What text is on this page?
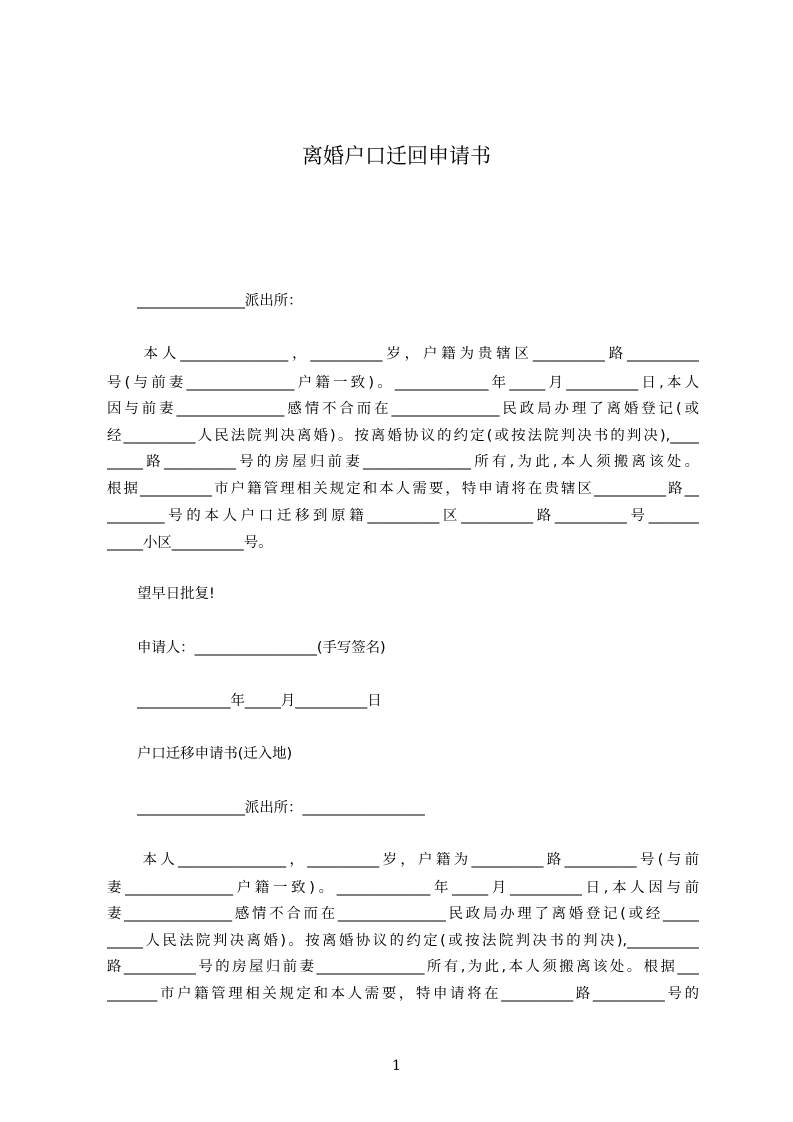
离婚户口迁回申请书
_______________派出所：
　　本人_______________，__________岁，户籍为贵辖区__________路__________
号(与前妻_______________户籍一致)。_____________年_____月__________日,本人
因与前妻_______________感情不合而在_______________民政局办理了离婚登记(或
经__________人民法院判决离婚)。按离婚协议的约定(或按法院判决书的判决),____
_____路__________号的房屋归前妻_______________所有,为此,本人须搬离该处。
根据__________市户籍管理相关规定和本人需要，特申请将在贵辖区__________路__
________号的本人户口迁移到原籍__________区__________路__________号_______
_____小区__________号。
望早日批复!
申请人：_________________(手写签名)
_____________年_____月__________日
户口迁移申请书(迁入地)
_______________派出所：_________________
　　本人_______________，__________岁，户籍为__________路__________号(与前
妻_______________户籍一致)。_____________年_____月__________日,本人因与前
妻_______________感情不合而在_______________民政局办理了离婚登记(或经_____
_____人民法院判决离婚)。按离婚协议的约定(或按法院判决书的判决),__________
路__________号的房屋归前妻_______________所有,为此,本人须搬离该处。根据___
_______市户籍管理相关规定和本人需要，特申请将在__________路__________号的
1
